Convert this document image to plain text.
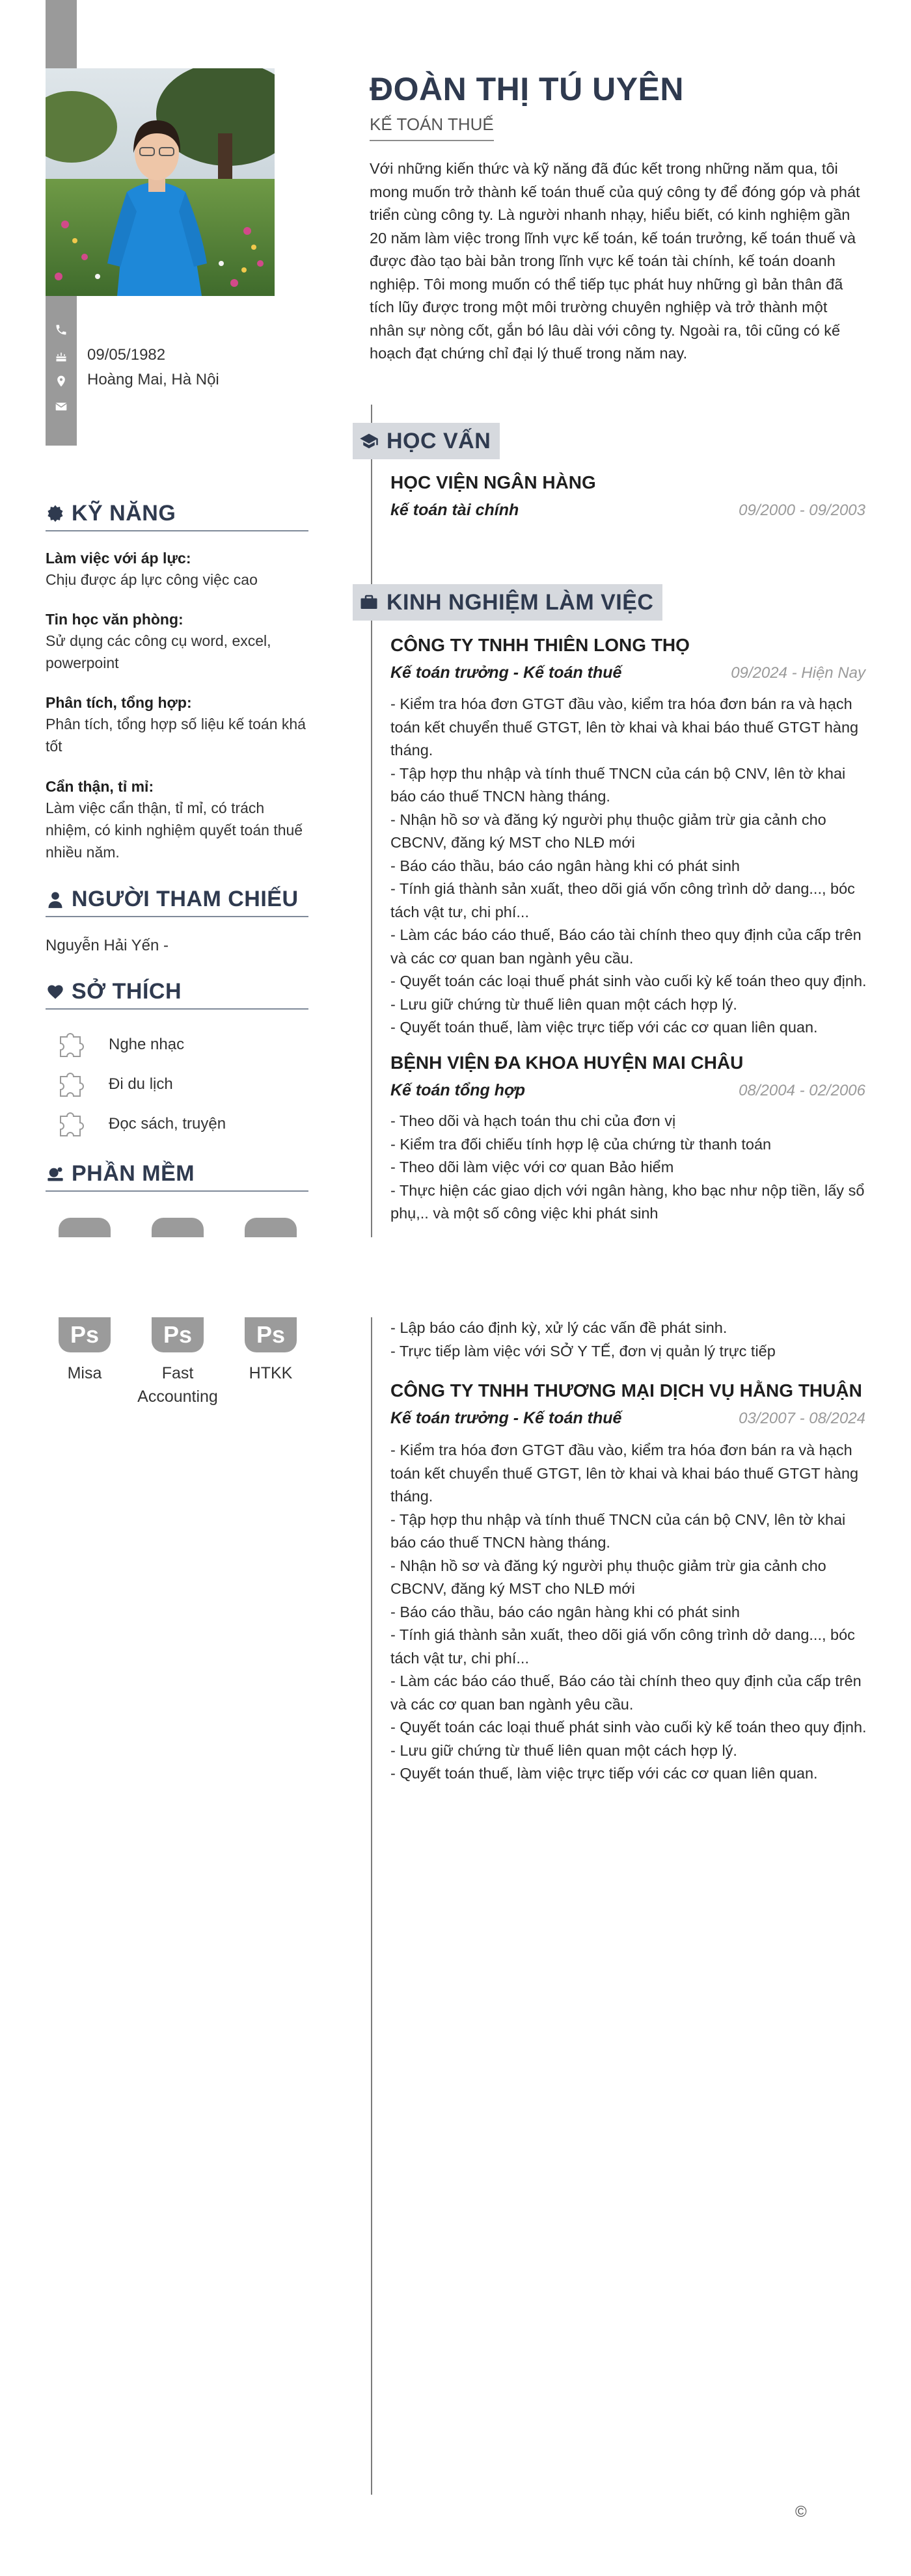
09/05/1982
Hoàng Mai, Hà Nội
KỸ NĂNG
Làm việc với áp lực:
Chịu được áp lực công việc cao
Tin học văn phòng:
Sử dụng các công cụ word, excel, powerpoint
Phân tích, tổng hợp:
Phân tích, tổng hợp số liệu kế toán khá tốt
Cẩn thận, tỉ mỉ:
Làm việc cẩn thận, tỉ mỉ, có trách nhiệm, có kinh nghiệm quyết toán thuế nhiều năm.
NGƯỜI THAM CHIẾU
Nguyễn Hải Yến -
SỞ THÍCH
Nghe nhạc
Đi du lịch
Đọc sách, truyện
PHẦN MỀM
Ps
Misa
Ps
Fast Accounting
Ps
HTKK
ĐOÀN THỊ TÚ UYÊN
KẾ TOÁN THUẾ
Với những kiến thức và kỹ năng đã đúc kết trong những năm qua, tôi mong muốn trở thành kế toán thuế của quý công ty để đóng góp và phát triển cùng công ty. Là người nhanh nhạy, hiểu biết, có kinh nghiệm gần 20 năm làm việc trong lĩnh vực kế toán, kế toán trưởng, kế toán thuế và được đào tạo bài bản trong lĩnh vực kế toán tài chính, kế toán doanh nghiệp. Tôi mong muốn có thể tiếp tục phát huy những gì bản thân đã tích lũy được trong một môi trường chuyên nghiệp và trở thành một nhân sự nòng cốt, gắn bó lâu dài với công ty. Ngoài ra, tôi cũng có kế hoạch đạt chứng chỉ đại lý thuế trong năm nay.
HỌC VẤN
HỌC VIỆN NGÂN HÀNG
kế toán tài chính	09/2000 - 09/2003
KINH NGHIỆM LÀM VIỆC
CÔNG TY TNHH THIÊN LONG THỌ
Kế toán trưởng - Kế toán thuế	09/2024 - Hiện Nay
- Kiểm tra hóa đơn GTGT đầu vào, kiểm tra hóa đơn bán ra và hạch toán kết chuyển thuế GTGT, lên tờ khai và khai báo thuế GTGT hàng tháng.
- Tập hợp thu nhập và tính thuế TNCN của cán bộ CNV, lên tờ khai báo cáo thuế TNCN hàng tháng.
- Nhận hồ sơ và đăng ký người phụ thuộc giảm trừ gia cảnh cho CBCNV, đăng ký MST cho NLĐ mới
- Báo cáo thầu, báo cáo ngân hàng khi có phát sinh
- Tính giá thành sản xuất, theo dõi giá vốn công trình dở dang..., bóc tách vật tư, chi phí...
- Làm các báo cáo thuế, Báo cáo tài chính theo quy định của cấp trên và các cơ quan ban ngành yêu cầu.
- Quyết toán các loại thuế phát sinh vào cuối kỳ kế toán theo quy định.
- Lưu giữ chứng từ thuế liên quan một cách hợp lý.
- Quyết toán thuế, làm việc trực tiếp với các cơ quan liên quan.
BỆNH VIỆN ĐA KHOA HUYỆN MAI CHÂU
Kế toán tổng hợp	08/2004 - 02/2006
- Theo dõi và hạch toán thu chi của đơn vị
- Kiểm tra đối chiếu tính hợp lệ của chứng từ thanh toán
- Theo dõi làm việc với cơ quan Bảo hiểm
- Thực hiện các giao dịch với ngân hàng, kho bạc như nộp tiền, lấy sổ phụ,.. và một số công việc khi phát sinh
- Lập báo cáo định kỳ, xử lý các vấn đề phát sinh.
- Trực tiếp làm việc với SỞ Y TẾ, đơn vị quản lý trực tiếp
CÔNG TY TNHH THƯƠNG MẠI DỊCH VỤ HẰNG THUẬN
Kế toán trưởng - Kế toán thuế	03/2007 - 08/2024
- Kiểm tra hóa đơn GTGT đầu vào, kiểm tra hóa đơn bán ra và hạch toán kết chuyển thuế GTGT, lên tờ khai và khai báo thuế GTGT hàng tháng.
- Tập hợp thu nhập và tính thuế TNCN của cán bộ CNV, lên tờ khai báo cáo thuế TNCN hàng tháng.
- Nhận hồ sơ và đăng ký người phụ thuộc giảm trừ gia cảnh cho CBCNV, đăng ký MST cho NLĐ mới
- Báo cáo thầu, báo cáo ngân hàng khi có phát sinh
- Tính giá thành sản xuất, theo dõi giá vốn công trình dở dang..., bóc tách vật tư, chi phí...
- Làm các báo cáo thuế, Báo cáo tài chính theo quy định của cấp trên và các cơ quan ban ngành yêu cầu.
- Quyết toán các loại thuế phát sinh vào cuối kỳ kế toán theo quy định.
- Lưu giữ chứng từ thuế liên quan một cách hợp lý.
- Quyết toán thuế, làm việc trực tiếp với các cơ quan liên quan.
©
